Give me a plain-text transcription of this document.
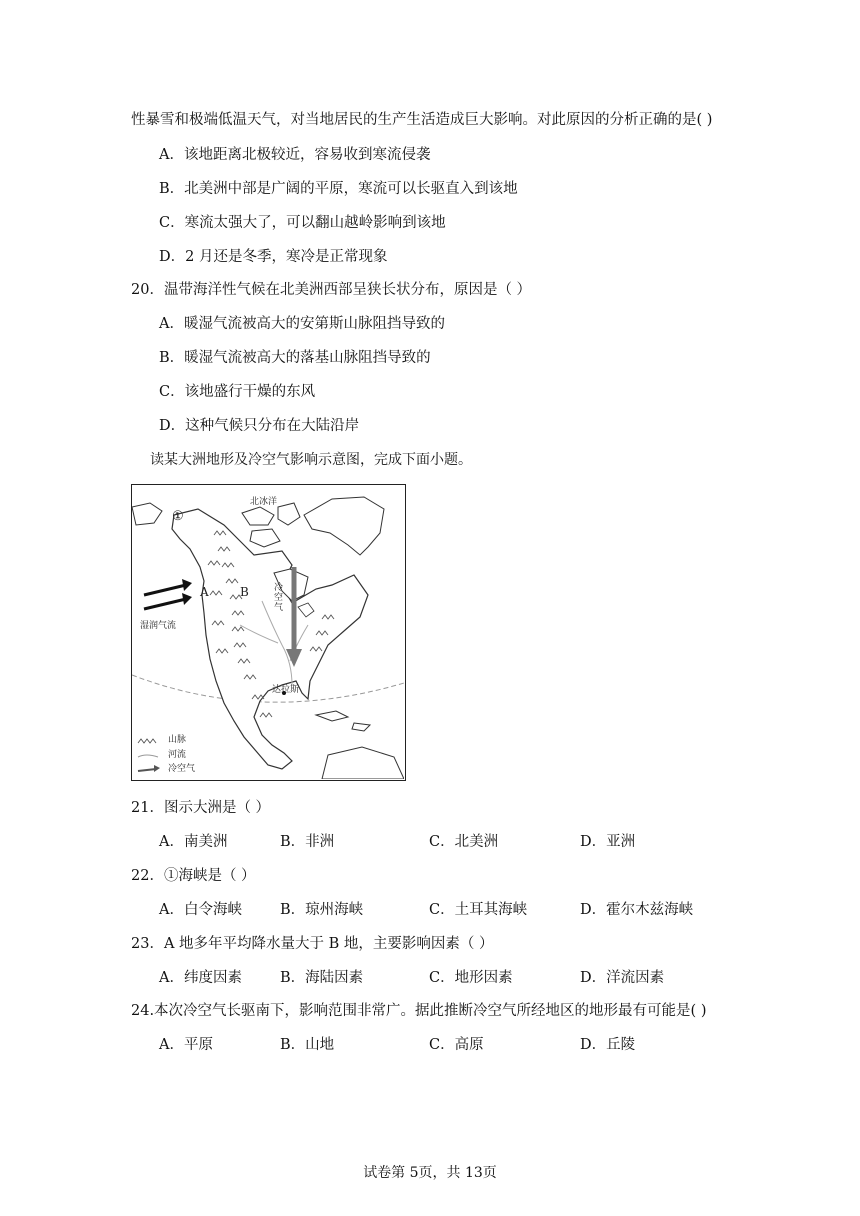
性暴雪和极端低温天气，对当地居民的生产生活造成巨大影响。对此原因的分析正确的是( )
A．该地距离北极较近，容易收到寒流侵袭
B．北美洲中部是广阔的平原，寒流可以长驱直入到该地
C．寒流太强大了，可以翻山越岭影响到该地
D．2 月还是冬季，寒冷是正常现象
20．温带海洋性气候在北美洲西部呈狭长状分布，原因是（ ）
A．暖湿气流被高大的安第斯山脉阻挡导致的
B．暖湿气流被高大的落基山脉阻挡导致的
C．该地盛行干燥的东风
D．这种气候只分布在大陆沿岸
读某大洲地形及冷空气影响示意图，完成下面小题。
北冰洋
①
A	B
湿润气流
冷空气
达拉斯
山脉
河流
冷空气
21．图示大洲是（ ）
A．南美洲	B．非洲	C．北美洲	D．亚洲
22．①海峡是（ ）
A．白令海峡	B．琼州海峡	C．土耳其海峡	D．霍尔木兹海峡
23．A 地多年平均降水量大于 B 地，主要影响因素（ ）
A．纬度因素	B．海陆因素	C．地形因素	D．洋流因素
24.本次冷空气长驱南下，影响范围非常广。据此推断冷空气所经地区的地形最有可能是( )
A．平原	B．山地	C．高原	D．丘陵
试卷第 5页，共 13页
